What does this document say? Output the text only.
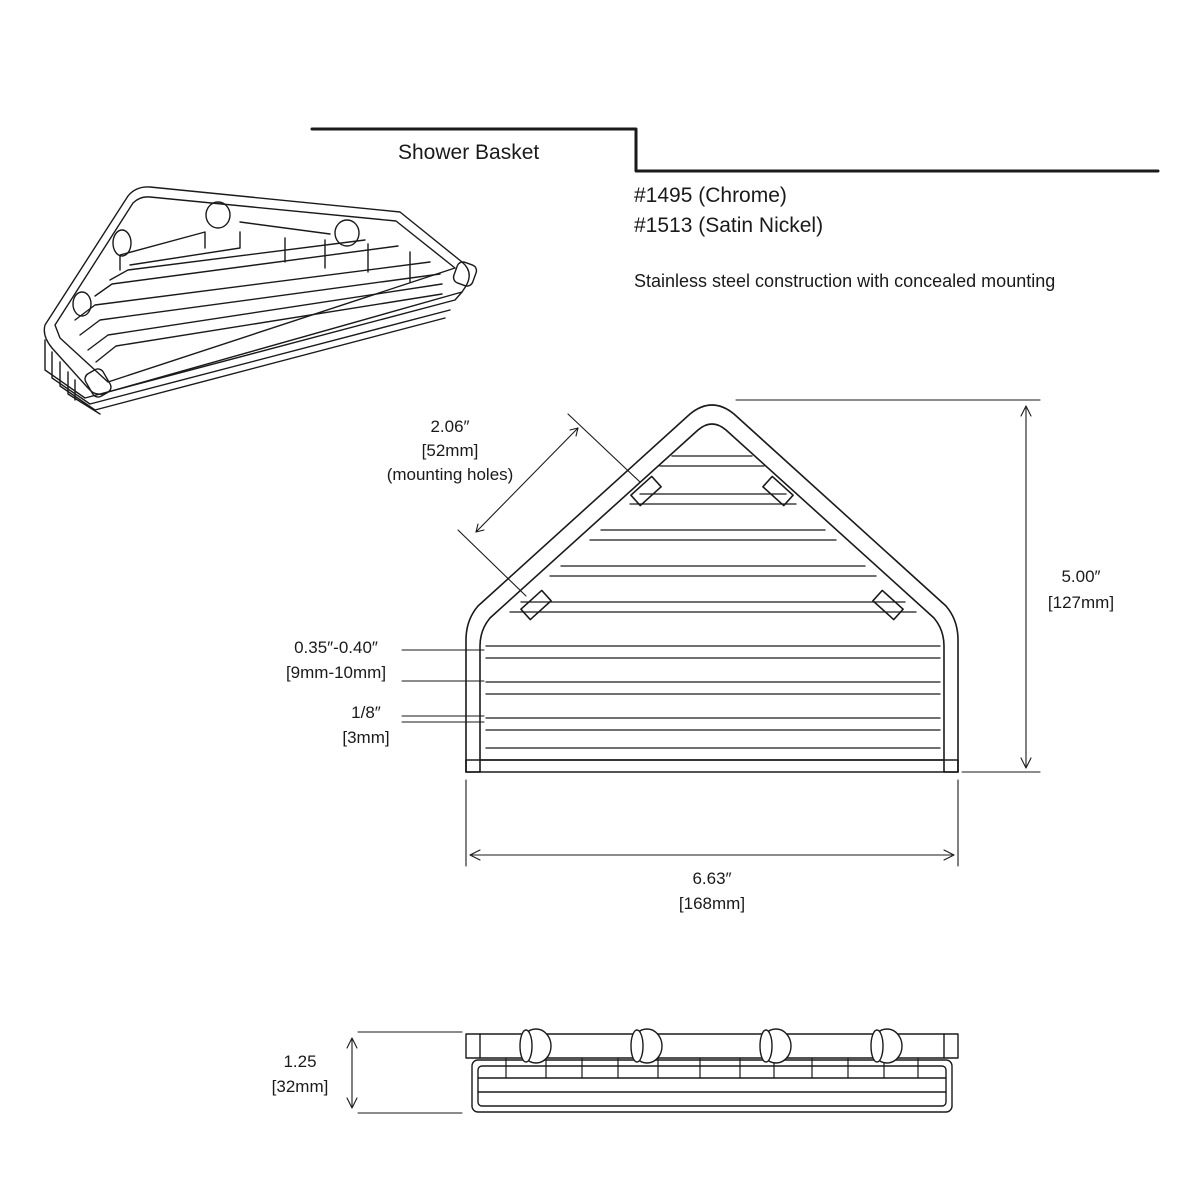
Shower Basket
#1495 (Chrome)
#1513 (Satin Nickel)
Stainless steel construction with concealed mounting
2.06″
[52mm]
(mounting holes)
5.00″
[127mm]
0.35″-0.40″
[9mm-10mm]
1/8″
[3mm]
6.63″
[168mm]
1.25
[32mm]
